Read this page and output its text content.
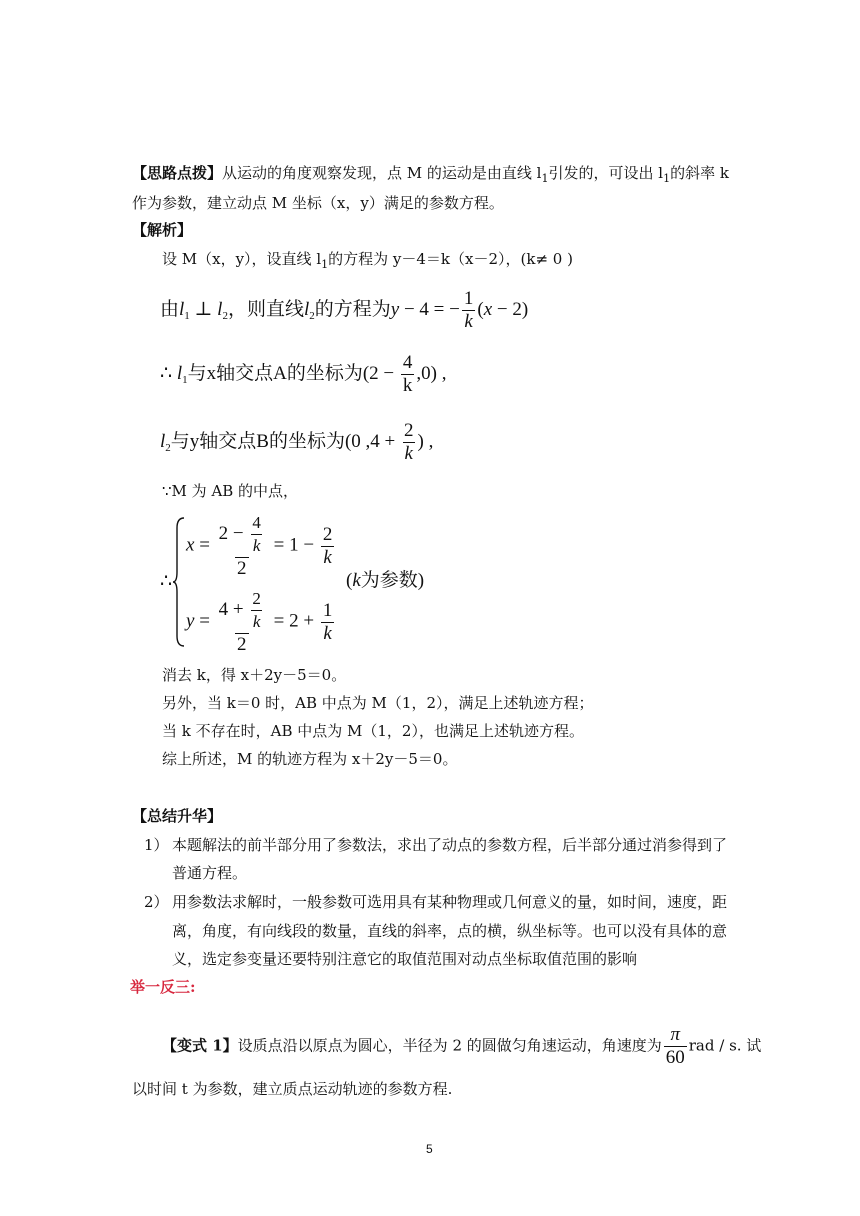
【思路点拨】从运动的角度观察发现，点 M 的运动是由直线 $l_1$引发的，可设出 $l_1$的斜率 k
作为参数，建立动点 M 坐标（x，y）满足的参数方程。
【解析】
设 M（x，y），设直线 $l_1$的方程为 y－4＝k（x－2），(k≠ 0 )
由$l_1$ ⊥ $l_2$，则直线$l_2$的方程为y − 4 = − $\frac{1}{k} (x - 2)$
∴ $l_1$与x轴交点A的坐标为$(2 - \frac{4}{k} ,0)$ ,
$l_2$与y轴交点B的坐标为(0 $,4 + \frac{2}{k}$ ) ,
∵M 为 AB 的中点，
∴
$x = \frac{2 - \frac{4}{k}}{2} = 1 - \frac{2}{k}$
(k为参数)
$y = \frac{4 + \frac{2}{k}}{2} = 2 + \frac{1}{k}$
消去 k，得 x＋2y－5＝0。
另外，当 k＝0 时，AB 中点为 M（1，2），满足上述轨迹方程；
当 k 不存在时，AB 中点为 M（1，2），也满足上述轨迹方程。
综上所述，M 的轨迹方程为 x＋2y－5＝0。
【总结升华】
1） 本题解法的前半部分用了参数法，求出了动点的参数方程，后半部分通过消参得到了
普通方程。
2） 用参数法求解时，一般参数可选用具有某种物理或几何意义的量，如时间，速度，距
离，角度，有向线段的数量，直线的斜率，点的横，纵坐标等。也可以没有具体的意
义，选定参变量还要特别注意它的取值范围对动点坐标取值范围的影响
举一反三:
【变式 1】设质点沿以原点为圆心，半径为 2 的圆做匀角速运动，角速度为 $\frac{\pi}{60}$ rad / s. 试
以时间 t 为参数，建立质点运动轨迹的参数方程.
5
